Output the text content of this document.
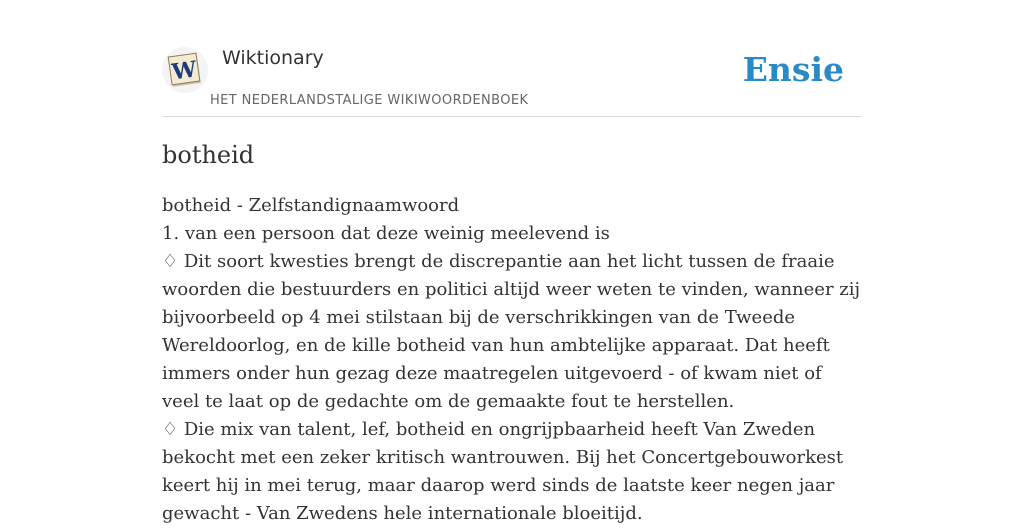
W Wiktionary
HET NEDERLANDSTALIGE WIKIWOORDENBOEK
Ensie
botheid

botheid - Zelfstandignaamwoord

1. van een persoon dat deze weinig meelevend is

♢ Dit soort kwesties brengt de discrepantie aan het licht tussen de fraaie woorden die bestuurders en politici altijd weer weten te vinden, wanneer zij bijvoorbeeld op 4 mei stilstaan bij de verschrikkingen van de Tweede Wereldoorlog, en de kille botheid van hun ambtelijke apparaat. Dat heeft immers onder hun gezag deze maatregelen uitgevoerd - of kwam niet of veel te laat op de gedachte om de gemaakte fout te herstellen.

♢ Die mix van talent, lef, botheid en ongrijpbaarheid heeft Van Zweden bekocht met een zeker kritisch wantrouwen. Bij het Concertgebouworkest keert hij in mei terug, maar daarop werd sinds de laatste keer negen jaar gewacht - Van Zwedens hele internationale bloeitijd.
